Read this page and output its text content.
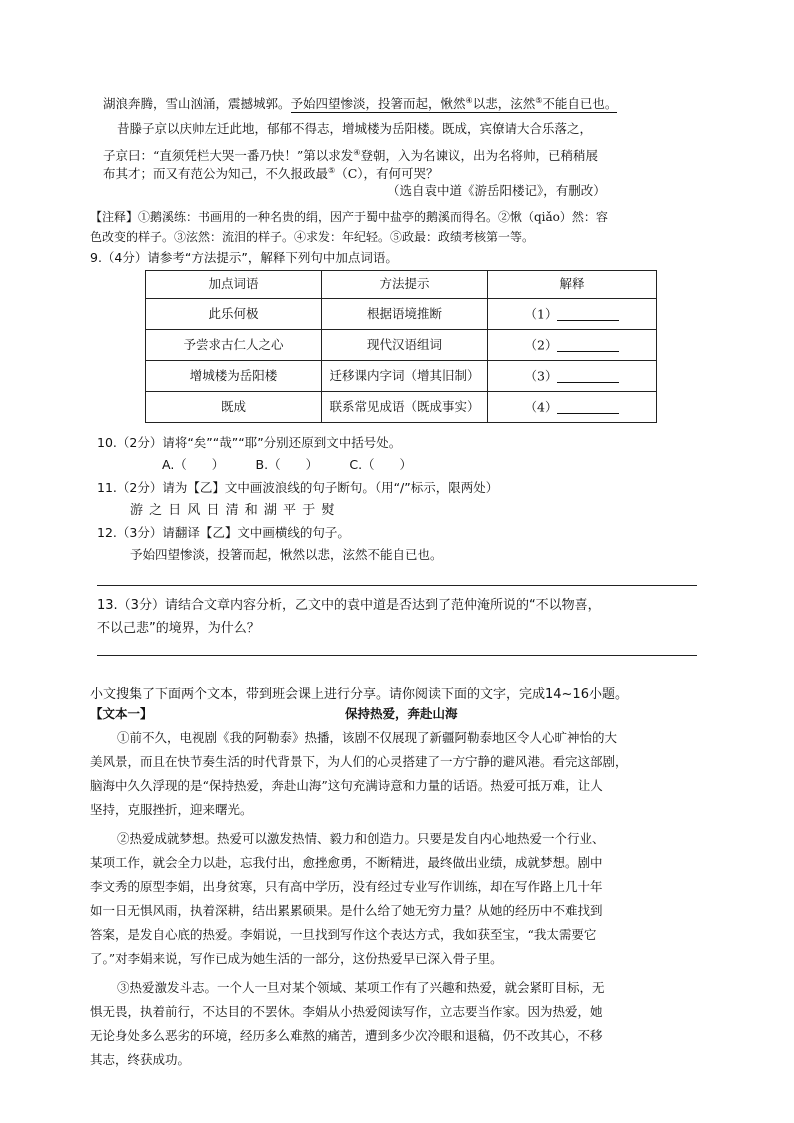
湖浪奔腾，雪山汹涌，震撼城郭。予始四望惨淡，投箸而起，愀然④以悲，泫然⑤不能自已也。
昔滕子京以庆帅左迁此地，郁郁不得志，增城楼为岳阳楼。既成，宾僚请大合乐落之，
子京曰：“直须凭栏大哭一番乃快！”第以求发④登朝，入为名谏议，出为名将帅，已稍稍展
布其才；而又有范公为知己，不久报政最⑤（C），有何可哭？
（选自袁中道《游岳阳楼记》，有删改）
【注释】①鹅溪练：书画用的一种名贵的绢，因产于蜀中盐亭的鹅溪而得名。②愀（qiǎo）然：容
色改变的样子。③泫然：流泪的样子。④求发：年纪轻。⑤政最：政绩考核第一等。
9.（4分）请参考“方法提示”，解释下列句中加点词语。
加点词语	方法提示	解释
此乐何极	根据语境推断	（1）
予尝求古仁人之心	现代汉语组词	（2）
增城楼为岳阳楼	迁移课内字词（增其旧制）	（3）
既成	联系常见成语（既成事实）	（4）
10.（2分）请将“矣”“哉”“耶”分别还原到文中括号处。
A.（　　）　　　B.（　　）　　　C.（　　）
11.（2分）请为【乙】文中画波浪线的句子断句。（用“/”标示，限两处）
游 之 日 风 日 清 和 湖 平 于 熨
12.（3分）请翻译【乙】文中画横线的句子。
予始四望惨淡，投箸而起，愀然以悲，泫然不能自已也。
13.（3分）请结合文章内容分析，乙文中的袁中道是否达到了范仲淹所说的“不以物喜，
不以己悲”的境界，为什么？
小文搜集了下面两个文本，带到班会课上进行分享。请你阅读下面的文字，完成14~16小题。
【文本一】	保持热爱，奔赴山海
①前不久，电视剧《我的阿勒泰》热播，该剧不仅展现了新疆阿勒泰地区令人心旷神怡的大
美风景，而且在快节奏生活的时代背景下，为人们的心灵搭建了一方宁静的避风港。看完这部剧，
脑海中久久浮现的是“保持热爱，奔赴山海”这句充满诗意和力量的话语。热爱可抵万难，让人
坚持，克服挫折，迎来曙光。
②热爱成就梦想。热爱可以激发热情、毅力和创造力。只要是发自内心地热爱一个行业、
某项工作，就会全力以赴，忘我付出，愈挫愈勇，不断精进，最终做出业绩，成就梦想。剧中
李文秀的原型李娟，出身贫寒，只有高中学历，没有经过专业写作训练，却在写作路上几十年
如一日无惧风雨，执着深耕，结出累累硕果。是什么给了她无穷力量？从她的经历中不难找到
答案，是发自心底的热爱。李娟说，一旦找到写作这个表达方式，我如获至宝，“我太需要它
了。”对李娟来说，写作已成为她生活的一部分，这份热爱早已深入骨子里。
③热爱激发斗志。一个人一旦对某个领域、某项工作有了兴趣和热爱，就会紧盯目标，无
惧无畏，执着前行，不达目的不罢休。李娟从小热爱阅读写作，立志要当作家。因为热爱，她
无论身处多么恶劣的环境，经历多么难熬的痛苦，遭到多少次冷眼和退稿，仍不改其心，不移
其志，终获成功。
